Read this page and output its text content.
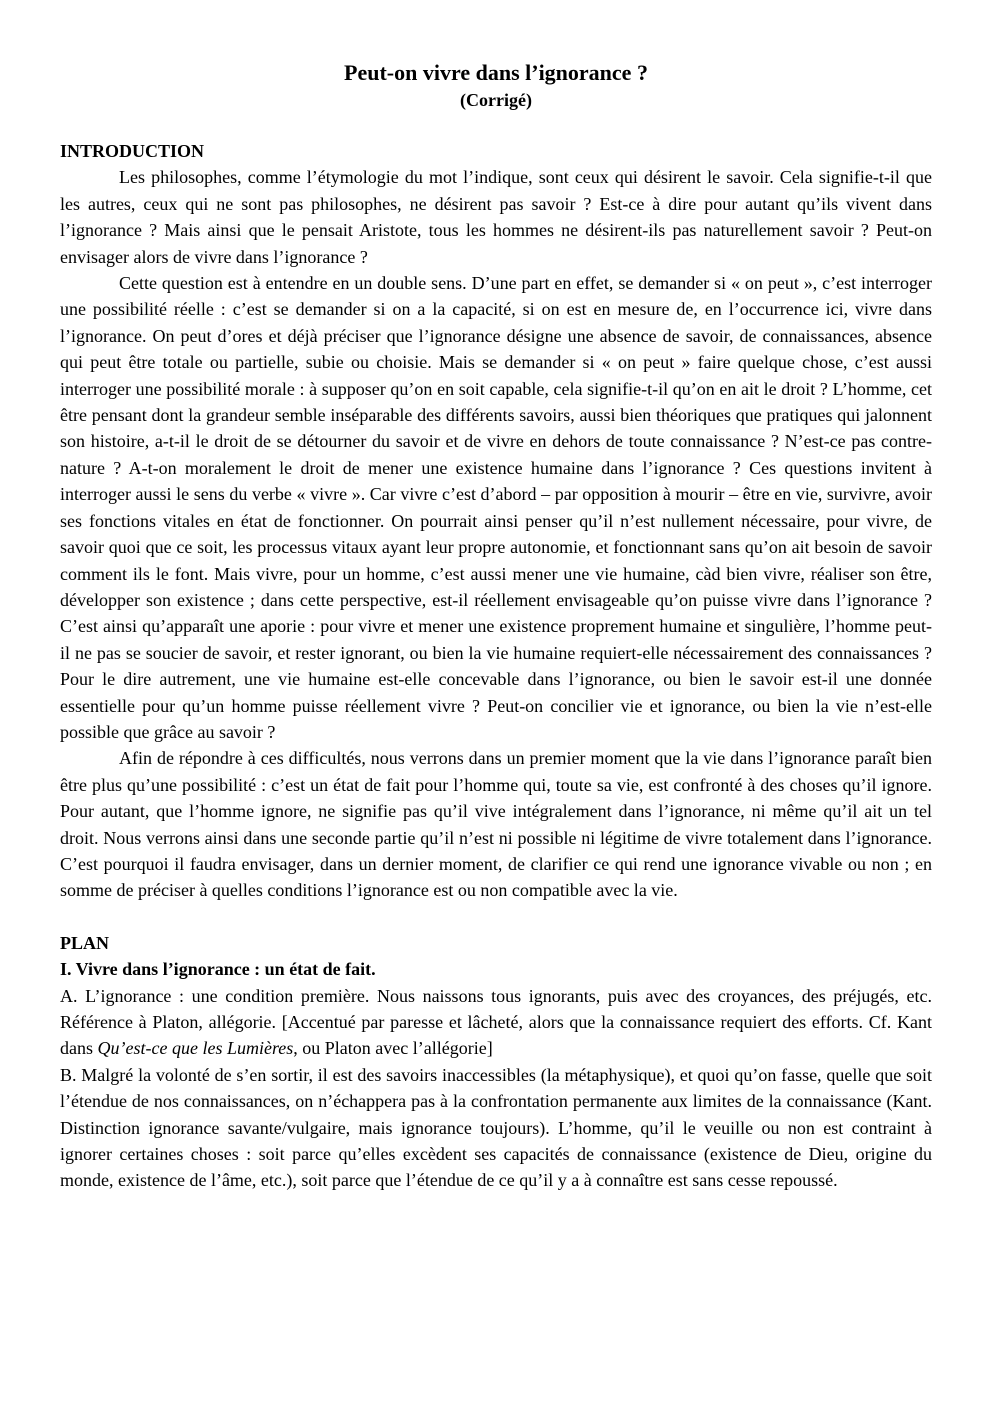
Peut-on vivre dans l’ignorance ?
(Corrigé)
INTRODUCTION

Les philosophes, comme l’étymologie du mot l’indique, sont ceux qui désirent le savoir. Cela signifie-t-il que les autres, ceux qui ne sont pas philosophes, ne désirent pas savoir ? Est-ce à dire pour autant qu’ils vivent dans l’ignorance ? Mais ainsi que le pensait Aristote, tous les hommes ne désirent-ils pas naturellement savoir ? Peut-on envisager alors de vivre dans l’ignorance ?

Cette question est à entendre en un double sens. D’une part en effet, se demander si « on peut », c’est interroger une possibilité réelle : c’est se demander si on a la capacité, si on est en mesure de, en l’occurrence ici, vivre dans l’ignorance. On peut d’ores et déjà préciser que l’ignorance désigne une absence de savoir, de connaissances, absence qui peut être totale ou partielle, subie ou choisie. Mais se demander si « on peut » faire quelque chose, c’est aussi interroger une possibilité morale : à supposer qu’on en soit capable, cela signifie-t-il qu’on en ait le droit ? L’homme, cet être pensant dont la grandeur semble inséparable des différents savoirs, aussi bien théoriques que pratiques qui jalonnent son histoire, a-t-il le droit de se détourner du savoir et de vivre en dehors de toute connaissance ? N’est-ce pas contre-nature ? A-t-on moralement le droit de mener une existence humaine dans l’ignorance ? Ces questions invitent à interroger aussi le sens du verbe « vivre ». Car vivre c’est d’abord – par opposition à mourir – être en vie, survivre, avoir ses fonctions vitales en état de fonctionner. On pourrait ainsi penser qu’il n’est nullement nécessaire, pour vivre, de savoir quoi que ce soit, les processus vitaux ayant leur propre autonomie, et fonctionnant sans qu’on ait besoin de savoir comment ils le font. Mais vivre, pour un homme, c’est aussi mener une vie humaine, càd bien vivre, réaliser son être, développer son existence ; dans cette perspective, est-il réellement envisageable qu’on puisse vivre dans l’ignorance ? C’est ainsi qu’apparaît une aporie : pour vivre et mener une existence proprement humaine et singulière, l’homme peut-il ne pas se soucier de savoir, et rester ignorant, ou bien la vie humaine requiert-elle nécessairement des connaissances ? Pour le dire autrement, une vie humaine est-elle concevable dans l’ignorance, ou bien le savoir est-il une donnée essentielle pour qu’un homme puisse réellement vivre ? Peut-on concilier vie et ignorance, ou bien la vie n’est-elle possible que grâce au savoir ?

Afin de répondre à ces difficultés, nous verrons dans un premier moment que la vie dans l’ignorance paraît bien être plus qu’une possibilité : c’est un état de fait pour l’homme qui, toute sa vie, est confronté à des choses qu’il ignore. Pour autant, que l’homme ignore, ne signifie pas qu’il vive intégralement dans l’ignorance, ni même qu’il ait un tel droit. Nous verrons ainsi dans une seconde partie qu’il n’est ni possible ni légitime de vivre totalement dans l’ignorance. C’est pourquoi il faudra envisager, dans un dernier moment, de clarifier ce qui rend une ignorance vivable ou non ; en somme de préciser à quelles conditions l’ignorance est ou non compatible avec la vie.

PLAN
I. Vivre dans l’ignorance : un état de fait.

A. L’ignorance : une condition première. Nous naissons tous ignorants, puis avec des croyances, des préjugés, etc. Référence à Platon, allégorie. [Accentué par paresse et lâcheté, alors que la connaissance requiert des efforts. Cf. Kant dans Qu’est-ce que les Lumières, ou Platon avec l’allégorie]

B. Malgré la volonté de s’en sortir, il est des savoirs inaccessibles (la métaphysique), et quoi qu’on fasse, quelle que soit l’étendue de nos connaissances, on n’échappera pas à la confrontation permanente aux limites de la connaissance (Kant. Distinction ignorance savante/vulgaire, mais ignorance toujours). L’homme, qu’il le veuille ou non est contraint à ignorer certaines choses : soit parce qu’elles excèdent ses capacités de connaissance (existence de Dieu, origine du monde, existence de l’âme, etc.), soit parce que l’étendue de ce qu’il y a à connaître est sans cesse repoussé.
